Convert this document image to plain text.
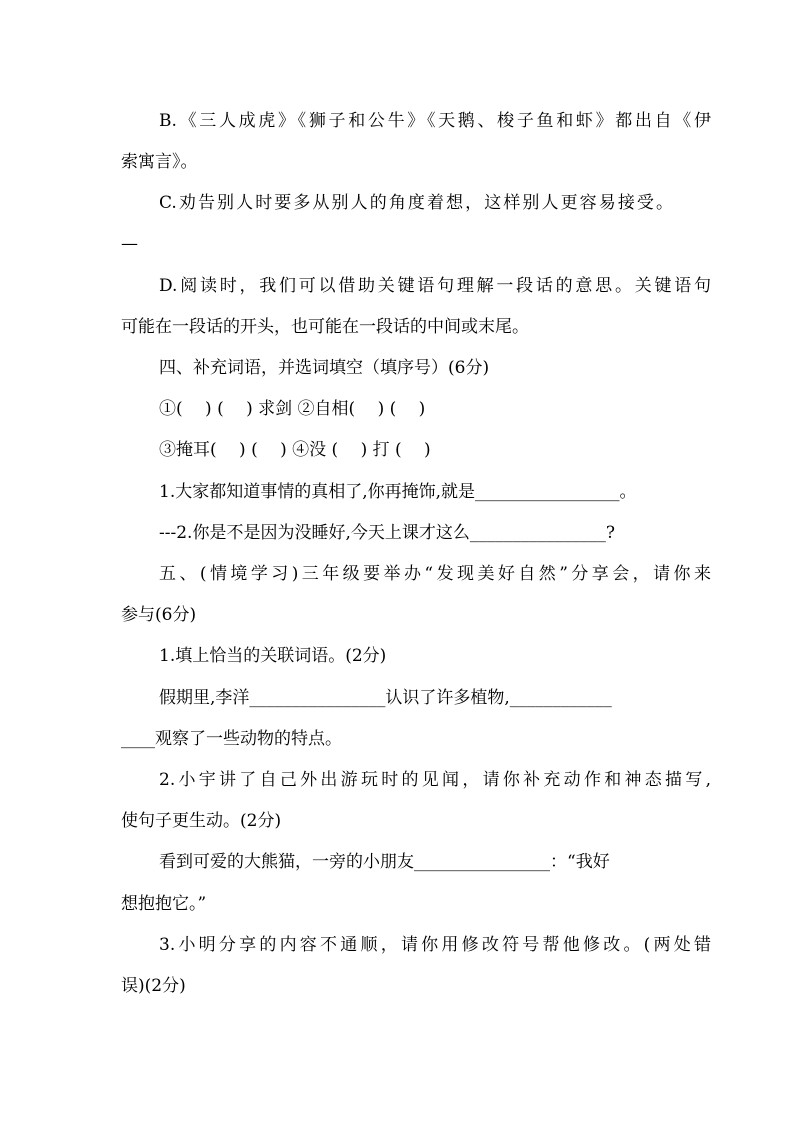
B.《三人成虎》《狮子和公牛》《天鹅、梭子鱼和虾》都出自《伊
索寓言》。
C.劝告别人时要多从别人的角度着想，这样别人更容易接受。
—
D.阅读时，我们可以借助关键语句理解一段话的意思。关键语句
可能在一段话的开头，也可能在一段话的中间或末尾。
四、补充词语，并选词填空（填序号）(6分)
①(　 ) (　 ) 求剑 ②自相(　 ) (　 )
③掩耳(　 ) (　 ) ④没 (　 ) 打 (　 )
1.大家都知道事情的真相了,你再掩饰,就是_________________。
---2.你是不是因为没睡好,今天上课才这么________________?
五、(情境学习)三年级要举办“发现美好自然”分享会，请你来
参与(6分)
1.填上恰当的关联词语。(2分)
假期里,李洋________________认识了许多植物,____________
____观察了一些动物的特点。
2.小宇讲了自己外出游玩时的见闻，请你补充动作和神态描写,
使句子更生动。(2分)
看到可爱的大熊猫，一旁的小朋友________________：“我好
想抱抱它。”
3.小明分享的内容不通顺，请你用修改符号帮他修改。(两处错
误)(2分)
